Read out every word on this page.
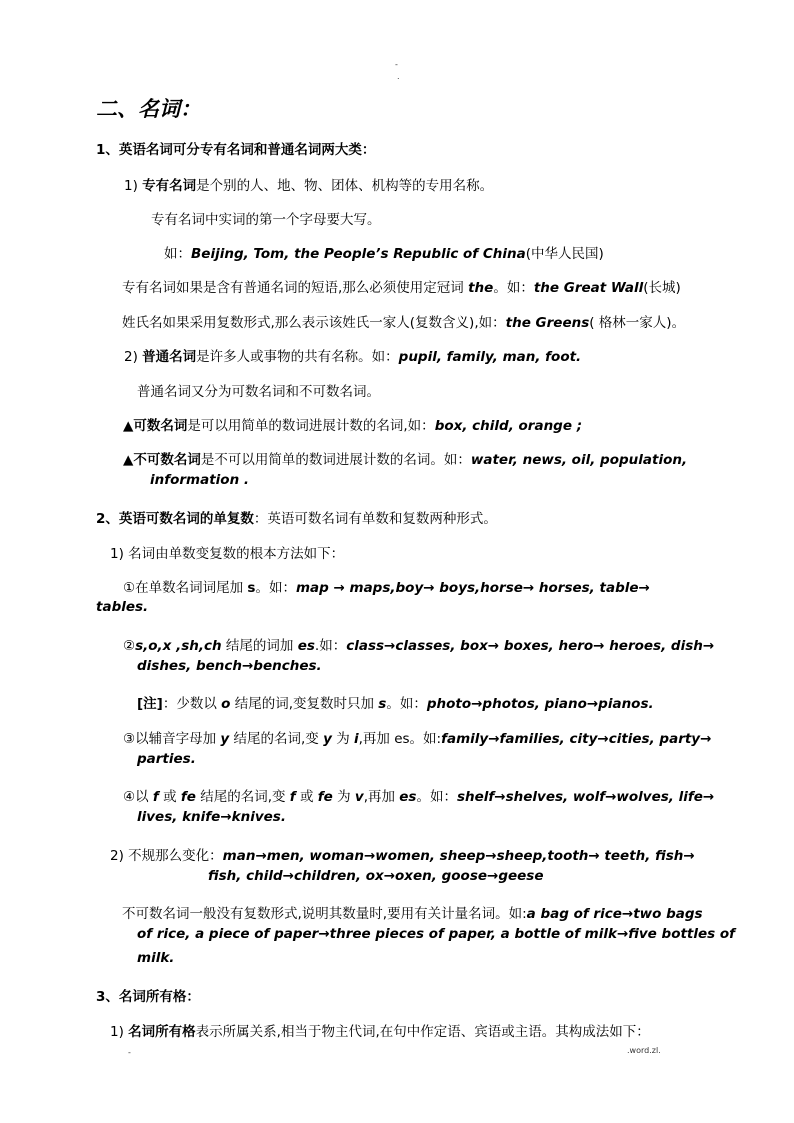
-
.
二、名词：
1、英语名词可分专有名词和普通名词两大类：
1) 专有名词是个别的人、地、物、团体、机构等的专用名称。
专有名词中实词的第一个字母要大写。
如：Beijing, Tom, the People’s Republic of China(中华人民国)
专有名词如果是含有普通名词的短语,那么必须使用定冠词 the。如：the Great Wall(长城)
姓氏名如果采用复数形式,那么表示该姓氏一家人(复数含义),如：the Greens( 格林一家人)。
2) 普通名词是许多人或事物的共有名称。如：pupil, family, man, foot.
普通名词又分为可数名词和不可数名词。
▲可数名词是可以用简单的数词进展计数的名词,如：box, child, orange ;
▲不可数名词是不可以用简单的数词进展计数的名词。如：water, news, oil, population,
information .
2、英语可数名词的单复数：英语可数名词有单数和复数两种形式。
1) 名词由单数变复数的根本方法如下：
①在单数名词词尾加 s。如：map → maps,boy→ boys,horse→ horses, table→
tables.
②s,o,x ,sh,ch 结尾的词加 es.如：class→classes, box→ boxes, hero→ heroes, dish→
dishes, bench→benches.
[注]：少数以 o 结尾的词,变复数时只加 s。如：photo→photos, piano→pianos.
③以辅音字母加 y 结尾的名词,变 y 为 i,再加 es。如:family→families, city→cities, party→
parties.
④以 f 或 fe 结尾的名词,变 f 或 fe 为 v,再加 es。如：shelf→shelves, wolf→wolves, life→
lives, knife→knives.
2) 不规那么变化：man→men, woman→women, sheep→sheep,tooth→ teeth, fish→
fish, child→children, ox→oxen, goose→geese
不可数名词一般没有复数形式,说明其数量时,要用有关计量名词。如:a bag of rice→two bags
of rice, a piece of paper→three pieces of paper, a bottle of milk→five bottles of
milk.
3、名词所有格：
1) 名词所有格表示所属关系,相当于物主代词,在句中作定语、宾语或主语。其构成法如下：
-	.word.zl.
